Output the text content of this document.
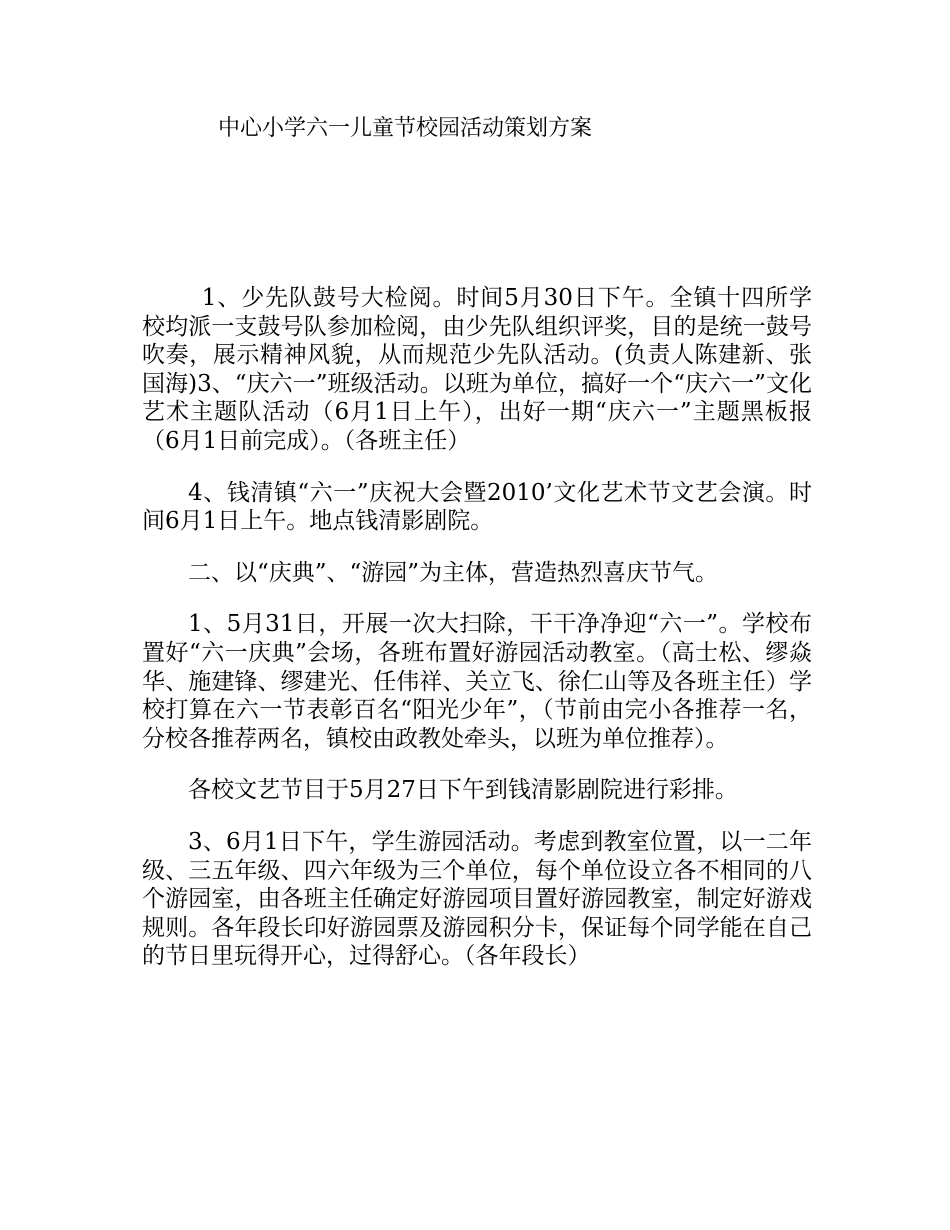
中心小学六一儿童节校园活动策划方案

1、少先队鼓号大检阅。时间5月30日下午。全镇十四所学校均派一支鼓号队参加检阅，由少先队组织评奖，目的是统一鼓号吹奏，展示精神风貌，从而规范少先队活动。(负责人陈建新、张国海)3、“庆六一”班级活动。以班为单位，搞好一个“庆六一”文化艺术主题队活动（6月1日上午），出好一期“庆六一”主题黑板报（6月1日前完成）。（各班主任）

4、钱清镇“六一”庆祝大会暨2010’文化艺术节文艺会演。时间6月1日上午。地点钱清影剧院。

二、以“庆典”、“游园”为主体，营造热烈喜庆节气。

1、5月31日，开展一次大扫除，干干净净迎“六一”。学校布置好“六一庆典”会场，各班布置好游园活动教室。（高士松、缪焱华、施建锋、缪建光、任伟祥、关立飞、徐仁山等及各班主任）学校打算在六一节表彰百名“阳光少年”，（节前由完小各推荐一名，分校各推荐两名，镇校由政教处牵头，以班为单位推荐）。

各校文艺节目于5月27日下午到钱清影剧院进行彩排。

3、6月1日下午，学生游园活动。考虑到教室位置，以一二年级、三五年级、四六年级为三个单位，每个单位设立各不相同的八个游园室，由各班主任确定好游园项目置好游园教室，制定好游戏规则。各年段长印好游园票及游园积分卡，保证每个同学能在自己的节日里玩得开心，过得舒心。（各年段长）
